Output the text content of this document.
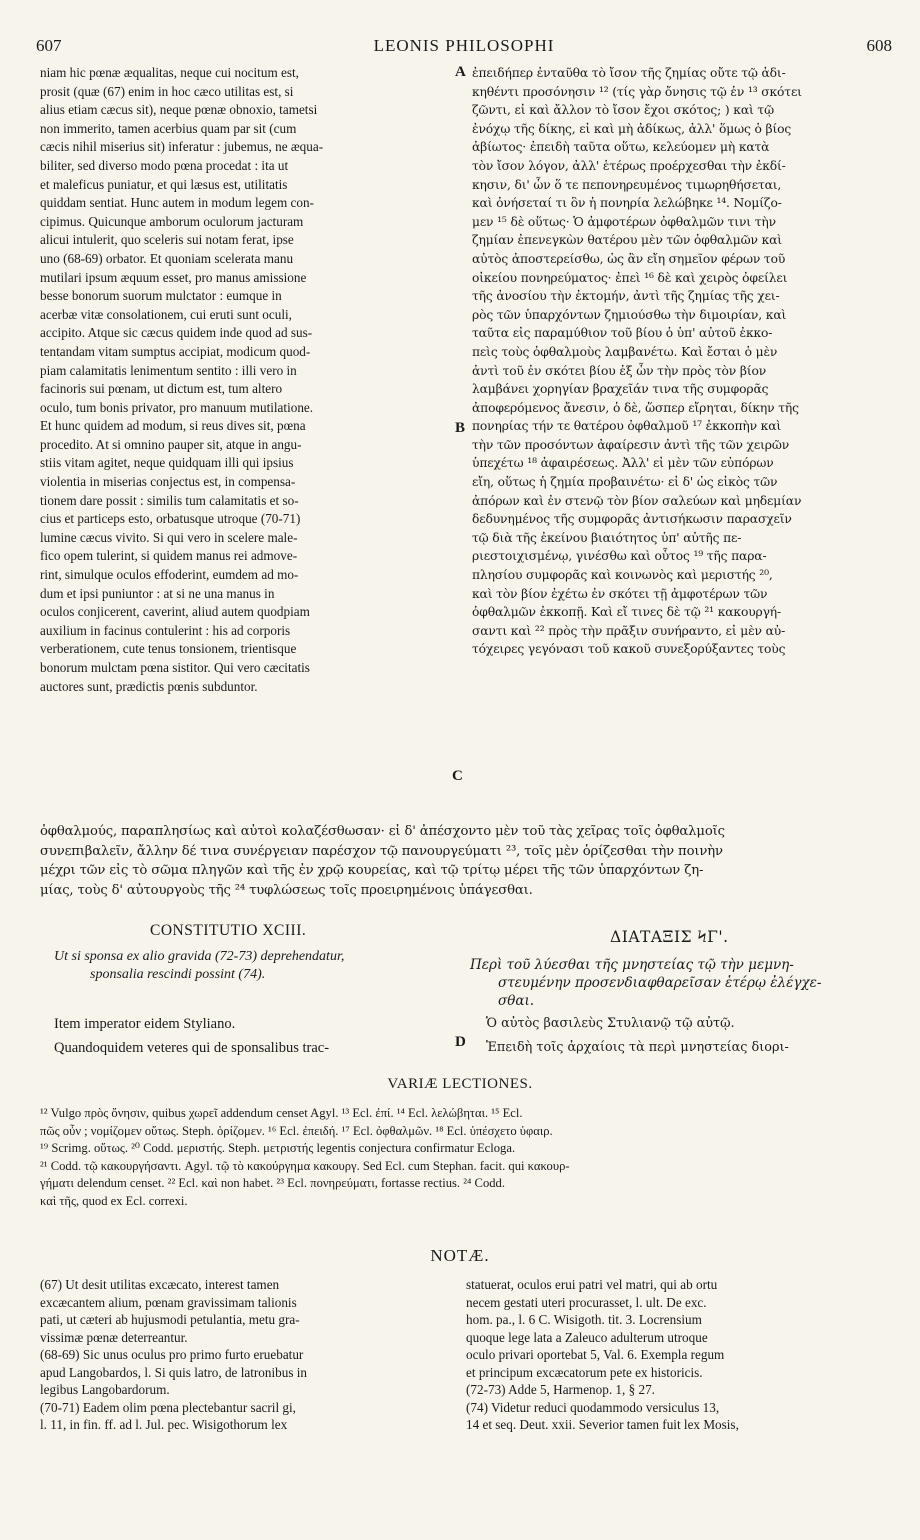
607	LEONIS PHILOSOPHI	608
niam hic pœnæ æqualitas, neque cui nocitum est,
prosit (quæ (67) enim in hoc cæco utilitas est, si
alius etiam cæcus sit), neque pœnæ obnoxio, tametsi
non immerito, tamen acerbius quam par sit (cum
cæcis nihil miserius sit) inferatur : jubemus, ne æqua-
biliter, sed diverso modo pœna procedat : ita ut
et maleficus puniatur, et qui læsus est, utilitatis
quiddam sentiat. Hunc autem in modum legem con-
cipimus. Quicunque amborum oculorum jacturam
alicui intulerit, quo sceleris sui notam ferat, ipse
uno (68-69) orbator. Et quoniam scelerata manu
mutilari ipsum æquum esset, pro manus amissione
besse bonorum suorum mulctator : eumque in
acerbæ vitæ consolationem, cui eruti sunt oculi,
accipito. Atque sic cæcus quidem inde quod ad sus-
tentandam vitam sumptus accipiat, modicum quod-
piam calamitatis lenimentum sentito : illi vero in
facinoris sui pœnam, ut dictum est, tum altero
oculo, tum bonis privator, pro manuum mutilatione.
Et hunc quidem ad modum, si reus dives sit, pœna
procedito. At si omnino pauper sit, atque in angu-
stiis vitam agitet, neque quidquam illi qui ipsius
violentia in miserias conjectus est, in compensa-
tionem dare possit : similis tum calamitatis et so-
cius et particeps esto, orbatusque utroque (70-71)
lumine cæcus vivito. Si qui vero in scelere male-
fico opem tulerint, si quidem manus rei admove-
rint, simulque oculos effoderint, eumdem ad mo-
dum et ipsi puniuntor : at si ne una manus in
oculos conjicerent, caverint, aliud autem quodpiam
auxilium in facinus contulerint : his ad corporis
verberationem, cute tenus tonsionem, trientisque
bonorum mulctam pœna sistitor. Qui vero cæcitatis
auctores sunt, prædictis pœnis subduntor.
ἐπειδήπερ ἐνταῦθα τὸ ἴσον τῆς ζημίας οὔτε τῷ ἀδι-
κηθέντι προσόνησιν ¹² (τίς γὰρ ὄνησις τῷ ἐν ¹³ σκότει
ζῶντι, εἰ καὶ ἄλλον τὸ ἴσον ἔχοι σκότος; ) καὶ τῷ
ἐνόχῳ τῆς δίκης, εἰ καὶ μὴ ἀδίκως, ἀλλ' ὅμως ὁ βίος
ἀβίωτος· ἐπειδὴ ταῦτα οὕτω, κελεύομεν μὴ κατὰ
τὸν ἴσον λόγον, ἀλλ' ἑτέρως προέρχεσθαι τὴν ἐκδί-
κησιν, δι' ὧν ὅ τε πεπονηρευμένος τιμωρηθήσεται,
καὶ ὀνήσεταί τι ὃν ἡ πονηρία λελώβηκε ¹⁴. Νομίζο-
μεν ¹⁵ δὲ οὕτως· Ὁ ἀμφοτέρων ὀφθαλμῶν τινι τὴν
ζημίαν ἐπενεγκὼν θατέρου μὲν τῶν ὀφθαλμῶν καὶ
αὐτὸς ἀποστερείσθω, ὡς ἂν εἴη σημεῖον φέρων τοῦ
οἰκείου πονηρεύματος· ἐπεὶ ¹⁶ δὲ καὶ χειρὸς ὀφείλει
τῆς ἀνοσίου τὴν ἐκτομήν, ἀντὶ τῆς ζημίας τῆς χει-
ρὸς τῶν ὑπαρχόντων ζημιούσθω τὴν διμοιρίαν, καὶ
ταῦτα εἰς παραμύθιον τοῦ βίου ὁ ὑπ' αὐτοῦ ἐκκο-
πεὶς τοὺς ὀφθαλμοὺς λαμβανέτω. Καὶ ἔσται ὁ μὲν
ἀντὶ τοῦ ἐν σκότει βίου ἐξ ὧν τὴν πρὸς τὸν βίον
λαμβάνει χορηγίαν βραχεῖάν τινα τῆς συμφορᾶς
ἀποφερόμενος ἄνεσιν, ὁ δὲ, ὥσπερ εἴρηται, δίκην τῆς
πονηρίας τήν τε θατέρου ὀφθαλμοῦ ¹⁷ ἐκκοπὴν καὶ
τὴν τῶν προσόντων ἀφαίρεσιν ἀντὶ τῆς τῶν χειρῶν
ὑπεχέτω ¹⁸ ἀφαιρέσεως. Ἀλλ' εἰ μὲν τῶν εὐπόρων
εἴη, οὕτως ἡ ζημία προβαινέτω· εἰ δ' ὡς εἰκὸς τῶν
ἀπόρων καὶ ἐν στενῷ τὸν βίον σαλεύων καὶ μηδεμίαν
δεδυνημένος τῆς συμφορᾶς ἀντισήκωσιν παρασχεῖν
τῷ διὰ τῆς ἐκείνου βιαιότητος ὑπ' αὐτῆς πε-
ριεστοιχισμένῳ, γινέσθω καὶ οὗτος ¹⁹ τῆς παρα-
πλησίου συμφορᾶς καὶ κοινωνὸς καὶ μεριστής ²⁰,
καὶ τὸν βίον ἐχέτω ἐν σκότει τῇ ἀμφοτέρων τῶν
ὀφθαλμῶν ἐκκοπῇ. Καὶ εἴ τινες δὲ τῷ ²¹ κακουργή-
σαντι καὶ ²² πρὸς τὴν πρᾶξιν συνήραντο, εἰ μὲν αὐ-
τόχειρες γεγόνασι τοῦ κακοῦ συνεξορύξαντες τοὺς
A
B
C
D
ὀφθαλμούς, παραπλησίως καὶ αὐτοὶ κολαζέσθωσαν· εἰ δ' ἀπέσχοντο μὲν τοῦ τὰς χεῖρας τοῖς ὀφθαλμοῖς
συνεπιβαλεῖν, ἄλλην δέ τινα συνέργειαν παρέσχον τῷ πανουργεύματι ²³, τοῖς μὲν ὁρίζεσθαι τὴν ποινὴν
μέχρι τῶν εἰς τὸ σῶμα πληγῶν καὶ τῆς ἐν χρῷ κουρείας, καὶ τῷ τρίτῳ μέρει τῆς τῶν ὑπαρχόντων ζη-
μίας, τοὺς δ' αὐτουργοὺς τῆς ²⁴ τυφλώσεως τοῖς προειρημένοις ὑπάγεσθαι.
CONSTITUTIO XCIII.	ΔΙΑΤΑΞΙΣ ϞΓ'.
Ut si sponsa ex alio gravida (72-73) deprehendatur,
sponsalia rescindi possint (74).
Περὶ τοῦ λύεσθαι τῆς μνηστείας τῷ τὴν μεμνη-
στευμένην προσενδιαφθαρεῖσαν ἑτέρῳ ἐλέγχε-
σθαι.
Item imperator eidem Styliano.
Quandoquidem veteres qui de sponsalibus trac-
Ὁ αὐτὸς βασιλεὺς Στυλιανῷ τῷ αὐτῷ.
Ἐπειδὴ τοῖς ἀρχαίοις τὰ περὶ μνηστείας διορι-
VARIÆ LECTIONES.
¹² Vulgo πρὸς ὄνησιν, quibus χωρεῖ addendum censet Agyl. ¹³ Ecl. ἐπί. ¹⁴ Ecl. λελώβηται. ¹⁵ Ecl.
πῶς οὖν ; νομίζομεν οὕτως. Steph. ὁρίζομεν. ¹⁶ Ecl. ἐπειδή. ¹⁷ Ecl. ὀφθαλμῶν. ¹⁸ Ecl. ὑπέσχετο ὑφαιρ.
¹⁹ Scrimg. οὕτως. ²⁰ Codd. μεριστής. Steph. μετριστής legentis conjectura confirmatur Ecloga.
²¹ Codd. τῷ κακουργήσαντι. Agyl. τῷ τὸ κακούργημα κακουργ. Sed Ecl. cum Stephan. facit. qui κακουρ-
γήματι delendum censet. ²² Ecl. καὶ non habet. ²³ Ecl. πονηρεύματι, fortasse rectius. ²⁴ Codd.
καὶ τῆς, quod ex Ecl. correxi.
NOTÆ.
(67) Ut desit utilitas excæcato, interest tamen
excæcantem alium, pœnam gravissimam talionis
pati, ut cæteri ab hujusmodi petulantia, metu gra-
vissimæ pœnæ deterreantur.
(68-69) Sic unus oculus pro primo furto eruebatur
apud Langobardos, l. Si quis latro, de latronibus in
legibus Langobardorum.
(70-71) Eadem olim pœna plectebantur sacril gi,
l. 11, in fin. ff. ad l. Jul. pec. Wisigothorum lex
statuerat, oculos erui patri vel matri, qui ab ortu
necem gestati uteri procurasset, l. ult. De exc.
hom. pa., l. 6 C. Wisigoth. tit. 3. Locrensium
quoque lege lata a Zaleuco adulterum utroque
oculo privari oportebat 5, Val. 6. Exempla regum
et principum excæcatorum pete ex historicis.
(72-73) Adde 5, Harmenop. 1, § 27.
(74) Videtur reduci quodammodo versiculus 13,
14 et seq. Deut. xxii. Severior tamen fuit lex Mosis,
